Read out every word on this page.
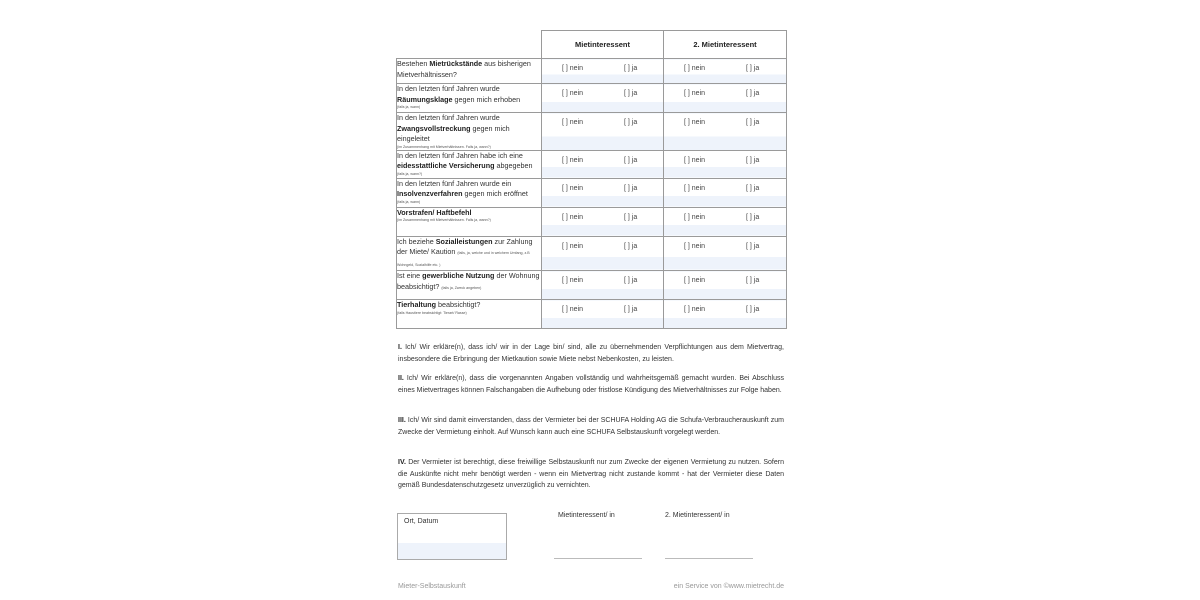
	Mietinteressent	2. Mietinteressent
Bestehen Mietrückstände aus bisherigen Mietverhältnissen?	[ ] nein [ ] ja	[ ] nein [ ] ja

In den letzten fünf Jahren wurde Räumungsklage gegen mich erhoben
(falls ja, wann)	[ ] nein [ ] ja	[ ] nein [ ] ja

In den letzten fünf Jahren wurde Zwangsvollstreckung gegen mich eingeleitet
(im Zusammenhang mit Mietverhältnissen. Falls ja, wann?)	[ ] nein [ ] ja	[ ] nein [ ] ja

In den letzten fünf Jahren habe ich eine eidesstattliche Versicherung abgegeben
(falls ja, wann?)	[ ] nein [ ] ja	[ ] nein [ ] ja

In den letzten fünf Jahren wurde ein Insolvenzverfahren gegen mich eröffnet
(falls ja, wann)	[ ] nein [ ] ja	[ ] nein [ ] ja

Vorstrafen/ Haftbefehl
(im Zusammenhang mit Mietverhältnissen. Falls ja, wann?)	[ ] nein [ ] ja	[ ] nein [ ] ja

Ich beziehe Sozialleistungen zur Zahlung der Miete/ Kaution (falls, ja, welche und in welchem Umfang, z.B Wohngeld, Sozialhilfe etc. )	[ ] nein [ ] ja	[ ] nein [ ] ja

Ist eine gewerbliche Nutzung der Wohnung beabsichtigt? (falls ja, Zweck angeben)	[ ] nein [ ] ja	[ ] nein [ ] ja

Tierhaltung beabsichtigt?
(falls Haustiere beabsichtigt: Tierart/ Rasse)	[ ] nein [ ] ja	[ ] nein [ ] ja
I. Ich/ Wir erkläre(n), dass ich/ wir in der Lage bin/ sind, alle zu übernehmenden Verpflichtungen aus dem Mietvertrag, insbesondere die Erbringung der Mietkaution sowie Miete nebst Nebenkosten, zu leisten.
II. Ich/ Wir erkläre(n), dass die vorgenannten Angaben vollständig und wahrheitsgemäß gemacht wurden. Bei Abschluss eines Mietvertrages können Falschangaben die Aufhebung oder fristlose Kündigung des Mietverhältnisses zur Folge haben.
III. Ich/ Wir sind damit einverstanden, dass der Vermieter bei der SCHUFA Holding AG die Schufa-Verbraucherauskunft zum Zwecke der Vermietung einholt. Auf Wunsch kann auch eine SCHUFA Selbstauskunft vorgelegt werden.
IV. Der Vermieter ist berechtigt, diese freiwillige Selbstauskunft nur zum Zwecke der eigenen Vermietung zu nutzen. Sofern die Auskünfte nicht mehr benötigt werden - wenn ein Mietvertrag nicht zustande kommt - hat der Vermieter diese Daten gemäß Bundesdatenschutzgesetz unverzüglich zu vernichten.
Ort, Datum
Mietinteressent/ in	2. Mietinteressent/ in
Mieter-Selbstauskunft	ein Service von ©www.mietrecht.de
